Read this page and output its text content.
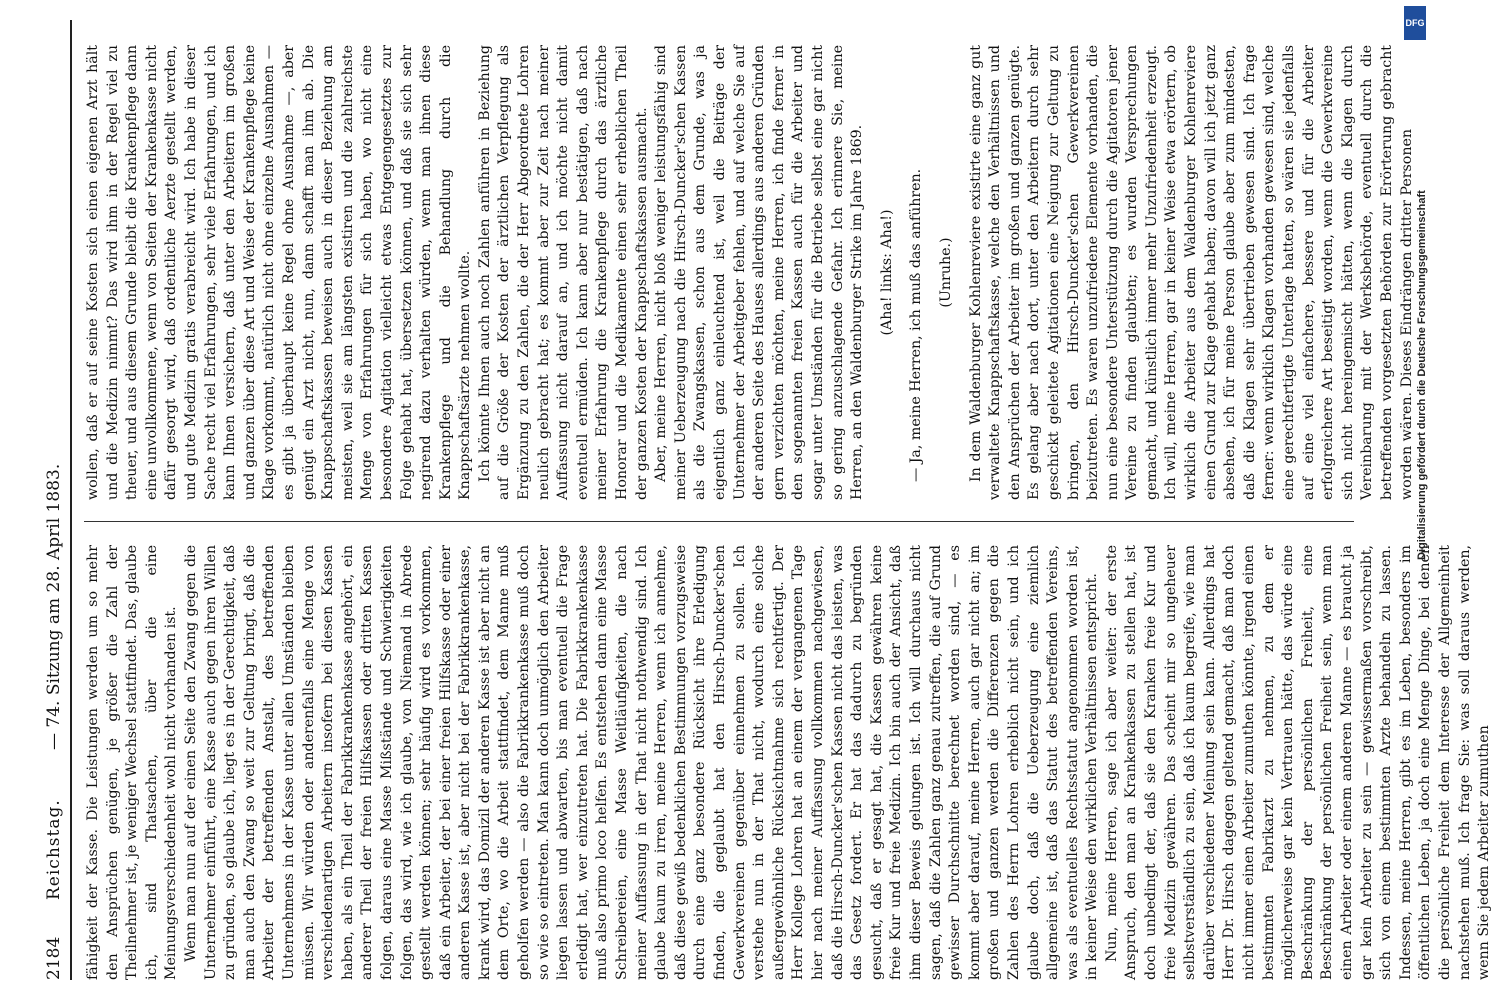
2184
Reichstag.
— 74. Sitzung am 28. April 1883. fähigkeit der Kasse. Die Leistungen werden um so mehr den Ansprüchen genügen, je größer die Zahl der Theilnehmer ist, je weniger Wechsel stattfindet. Das, glaube ich, sind Thatsachen, über die eine Meinungsverschiedenheit wohl nicht vorhanden ist. Wenn man nun auf der einen Seite den Zwang gegen die Unternehmer einführt, eine Kasse auch gegen ihren Willen zu gründen, so glaube ich, liegt es in der Gerechtigkeit, daß man auch den Zwang so weit zur Geltung bringt, daß die Arbeiter der betreffenden Anstalt, des betreffenden Unternehmens in der Kasse unter allen Umständen bleiben müssen. Wir würden oder anderenfalls eine Menge von verschiedenartigen Arbeitern insofern bei diesen Kassen haben, als ein Theil der Fabrikkrankenkasse angehört, ein anderer Theil der freien Hilfskassen oder dritten Kassen folgen, daraus eine Masse Mißstände und Schwierigkeiten folgen, das wird, wie ich glaube, von Niemand in Abrede gestellt werden können; sehr häufig wird es vorkommen, daß ein Arbeiter, der bei einer freien Hilfskasse oder einer anderen Kasse ist, aber nicht bei der Fabrikkrankenkasse, krank wird, das Domizil der anderen Kasse ist aber nicht an dem Orte, wo die Arbeit stattfindet, dem Manne muß geholfen werden — also die Fabrikkrankenkasse muß doch so wie so eintreten. Man kann doch unmöglich den Arbeiter liegen lassen und abwarten, bis man eventuell die Frage erledigt hat, wer einzutreten hat. Die Fabrikkrankenkasse muß also primo loco helfen. Es entstehen dann eine Masse Schreibereien, eine Masse Weitläufigkeiten, die nach meiner Auffassung in der That nicht nothwendig sind. Ich glaube kaum zu irren, meine Herren, wenn ich annehme, daß diese gewiß bedenklichen Bestimmungen vorzugsweise durch eine ganz besondere Rücksicht ihre Erledigung finden, die geglaubt hat den Hirsch-Duncker'schen Gewerkvereinen gegenüber einnehmen zu sollen. Ich verstehe nun in der That nicht, wodurch eine solche außergewöhnliche Rücksichtnahme sich rechtfertigt. Der Herr Kollege Lohren hat an einem der vergangenen Tage hier nach meiner Auffassung vollkommen nachgewiesen, daß die Hirsch-Duncker'schen Kassen nicht das leisten, was das Gesetz fordert. Er hat das dadurch zu begründen gesucht, daß er gesagt hat, die Kassen gewähren keine freie Kur und freie Medizin. Ich bin auch der Ansicht, daß ihm dieser Beweis gelungen ist. Ich will durchaus nicht sagen, daß die Zahlen ganz genau zutreffen, die auf Grund gewisser Durchschnitte berechnet worden sind, — es kommt aber darauf, meine Herren, auch gar nicht an; im großen und ganzen werden die Differenzen gegen die Zahlen des Herrn Lohren erheblich nicht sein, und ich glaube doch, daß die Ueberzeugung eine ziemlich allgemeine ist, daß das Statut des betreffenden Vereins, was als eventuelles Rechtsstatut angenommen worden ist, in keiner Weise den wirklichen Verhältnissen entspricht. Nun, meine Herren, sage ich aber weiter: der erste Anspruch, den man an Krankenkassen zu stellen hat, ist doch unbedingt der, daß sie den Kranken freie Kur und freie Medizin gewähren. Das scheint mir so ungeheuer selbstverständlich zu sein, daß ich kaum begreife, wie man darüber verschiedener Meinung sein kann. Allerdings hat Herr Dr. Hirsch dagegen geltend gemacht, daß man doch nicht immer einen Arbeiter zumuthen könnte, irgend einen bestimmten Fabrikarzt zu nehmen, zu dem er möglicherweise gar kein Vertrauen hätte, das würde eine Beschränkung der persönlichen Freiheit, eine Beschränkung der persönlichen Freiheit sein, wenn man einen Arbeiter oder einem anderen Manne — es braucht ja gar kein Arbeiter zu sein — gewissermaßen vorschreibt, sich von einem bestimmten Arzte behandeln zu lassen. Indessen, meine Herren, gibt es im Leben, besonders im öffentlichen Leben, ja doch eine Menge Dinge, bei denen die persönliche Freiheit dem Interesse der Allgemeinheit nachstehen muß. Ich frage Sie: was soll daraus werden, wenn Sie jedem Arbeiter zumuthen

wollen, daß er auf seine Kosten sich einen eigenen Arzt hält und die Medizin nimmt? Das wird ihm in der Regel viel zu theuer, und aus diesem Grunde bleibt die Krankenpflege dann eine unvollkommene, wenn von Seiten der Krankenkasse nicht dafür gesorgt wird, daß ordentliche Aerzte gestellt werden, und gute Medizin gratis verabreicht wird. Ich habe in dieser Sache recht viel Erfahrungen, sehr viele Erfahrungen, und ich kann Ihnen versichern, daß unter den Arbeitern im großen und ganzen über diese Art und Weise der Krankenpflege keine Klage vorkommt, natürlich nicht ohne einzelne Ausnahmen — es gibt ja überhaupt keine Regel ohne Ausnahme —, aber genügt ein Arzt nicht, nun, dann schafft man ihm ab. Die Knappschaftskassen beweisen auch in dieser Beziehung am meisten, weil sie am längsten existiren und die zahlreichste Menge von Erfahrungen für sich haben, wo nicht eine besondere Agitation vielleicht etwas Entgegengesetztes zur Folge gehabt hat, übersetzen können, und daß sie sich sehr negirend dazu verhalten würden, wenn man ihnen diese Krankenpflege und die Behandlung durch die Knappschaftsärzte nehmen wollte. Ich könnte Ihnen auch noch Zahlen anführen in Beziehung auf die Größe der Kosten der ärztlichen Verpflegung als Ergänzung zu den Zahlen, die der Herr Abgeordnete Lohren neulich gebracht hat; es kommt aber zur Zeit nach meiner Auffassung nicht darauf an, und ich möchte nicht damit eventuell ermüden. Ich kann aber nur bestätigen, daß nach meiner Erfahrung die Krankenpflege durch das ärztliche Honorar und die Medikamente einen sehr erheblichen Theil der ganzen Kosten der Knappschaftskassen ausmacht. Aber, meine Herren, nicht bloß weniger leistungsfähig sind meiner Ueberzeugung nach die Hirsch-Duncker'schen Kassen als die Zwangskassen, schon aus dem Grunde, was ja eigentlich ganz einleuchtend ist, weil die Beiträge der Unternehmer der Arbeitgeber fehlen, und auf welche Sie auf der anderen Seite des Hauses allerdings aus anderen Gründen gern verzichten möchten, meine Herren, ich finde ferner in den sogenannten freien Kassen auch für die Arbeiter und sogar unter Umständen für die Betriebe selbst eine gar nicht so gering anzuschlagende Gefahr. Ich erinnere Sie, meine Herren, an den Waldenburger Strike im Jahre 1869. (Aha! links: Aha!) — Ja, meine Herren, ich muß das anführen. (Unruhe.) In dem Waldenburger Kohlenreviere existirte eine ganz gut verwaltete Knappschaftskasse, welche den Verhältnissen und den Ansprüchen der Arbeiter im großen und ganzen genügte. Es gelang aber nach dort, unter den Arbeitern durch sehr geschickt geleitete Agitationen eine Neigung zur Geltung zu bringen, den Hirsch-Duncker'schen Gewerkvereinen beizutreten. Es waren unzufriedene Elemente vorhanden, die nun eine besondere Unterstützung durch die Agitatoren jener Vereine zu finden glaubten; es wurden Versprechungen gemacht, und künstlich immer mehr Unzufriedenheit erzeugt. Ich will, meine Herren, gar in keiner Weise etwa erörtern, ob wirklich die Arbeiter aus dem Waldenburger Kohlenreviere einen Grund zur Klage gehabt haben; davon will ich jetzt ganz absehen, ich für meine Person glaube aber zum mindesten, daß die Klagen sehr übertrieben gewesen sind. Ich frage ferner: wenn wirklich Klagen vorhanden gewesen sind, welche eine gerechtfertigte Unterlage hatten, so wären sie jedenfalls auf eine viel einfachere, bessere und für die Arbeiter erfolgreichere Art beseitigt worden, wenn die Gewerkvereine sich nicht hereingemischt hätten, wenn die Klagen durch Vereinbarung mit der Werksbehörde, eventuell durch die betreffenden vorgesetzten Behörden zur Erörterung gebracht worden wären. Dieses Eindrängen dritter Personen

DFG
Digitalisierung gefördert durch die Deutsche Forschungsgemeinschaft
